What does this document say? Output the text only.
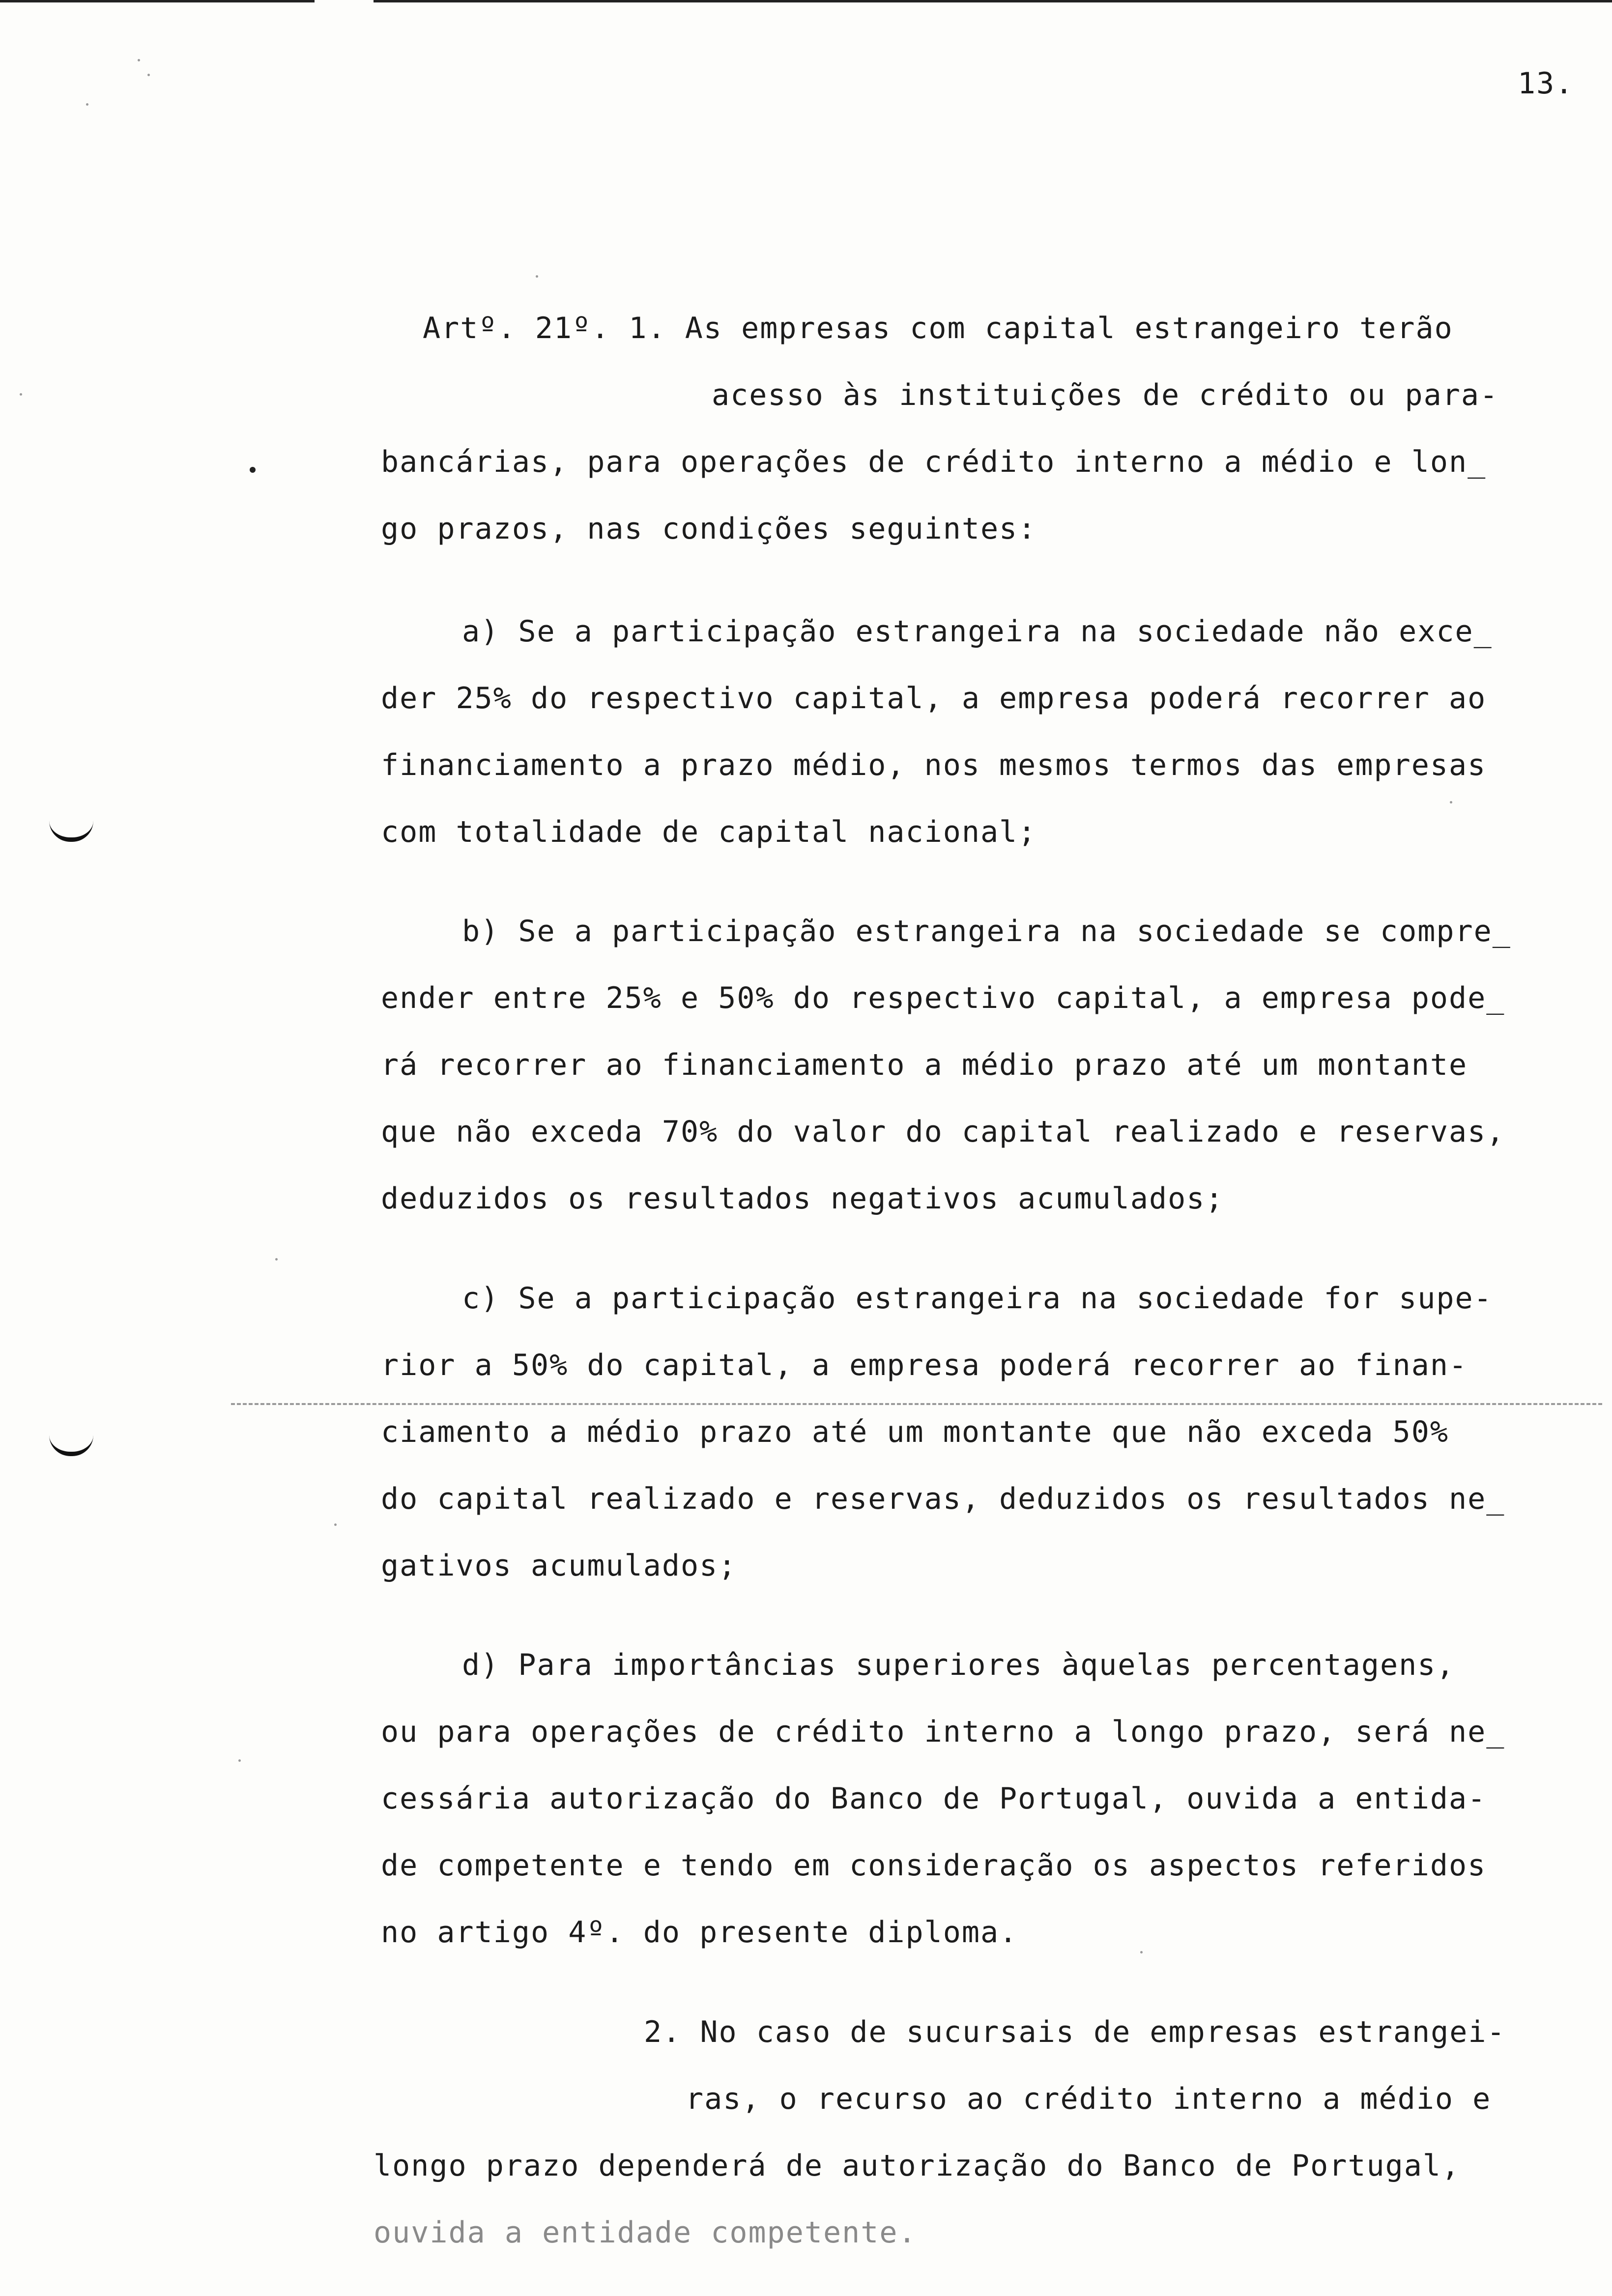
13.
Artº. 21º. 1. As empresas com capital estrangeiro terão
acesso às instituições de crédito ou para-
bancárias, para operações de crédito interno a médio e lon_
go prazos, nas condições seguintes:
a) Se a participação estrangeira na sociedade não exce_
der 25% do respectivo capital, a empresa poderá recorrer ao
financiamento a prazo médio, nos mesmos termos das empresas
com totalidade de capital nacional;
b) Se a participação estrangeira na sociedade se compre_
ender entre 25% e 50% do respectivo capital, a empresa pode_
rá recorrer ao financiamento a médio prazo até um montante
que não exceda 70% do valor do capital realizado e reservas,
deduzidos os resultados negativos acumulados;
c) Se a participação estrangeira na sociedade for supe-
rior a 50% do capital, a empresa poderá recorrer ao finan-
ciamento a médio prazo até um montante que não exceda 50%
do capital realizado e reservas, deduzidos os resultados ne_
gativos acumulados;
d) Para importâncias superiores àquelas percentagens,
ou para operações de crédito interno a longo prazo, será ne_
cessária autorização do Banco de Portugal, ouvida a entida-
de competente e tendo em consideração os aspectos referidos
no artigo 4º. do presente diploma.
2. No caso de sucursais de empresas estrangei-
ras, o recurso ao crédito interno a médio e
longo prazo dependerá de autorização do Banco de Portugal,
ouvida a entidade competente.
